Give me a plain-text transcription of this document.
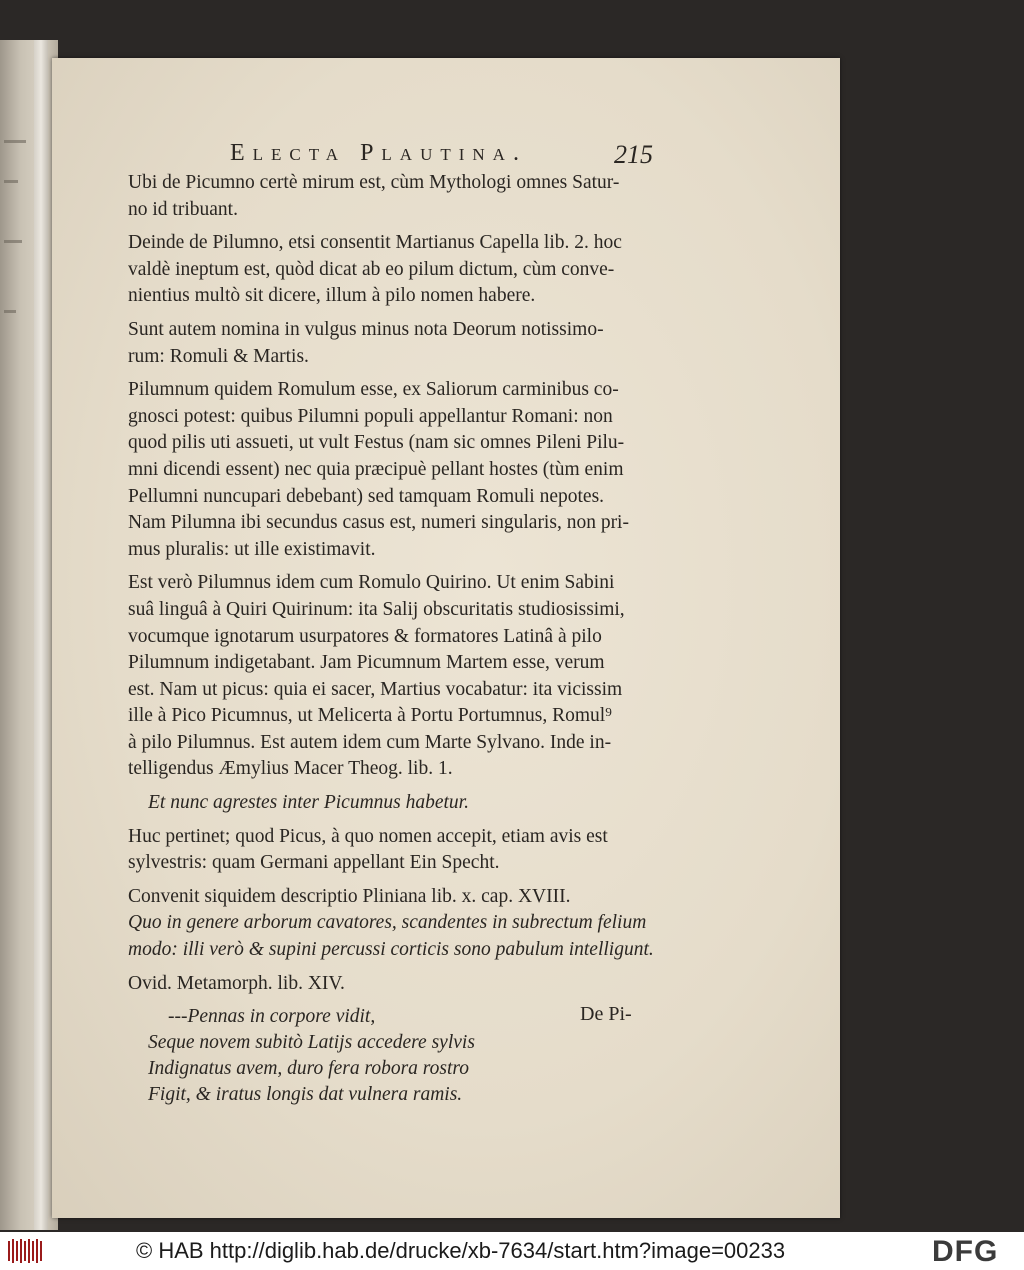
Electa Plautina.	215
Ubi de Picumno certè mirum est, cùm Mythologi omnes Satur-
no id tribuant.
Deinde de Pilumno, etsi consentit Martianus Capella lib. 2. hoc
valdè ineptum est, quòd dicat ab eo pilum dictum, cùm conve-
nientius multò sit dicere, illum à pilo nomen habere.
Sunt autem nomina in vulgus minus nota Deorum notissimo-
rum: Romuli & Martis.
Pilumnum quidem Romulum esse, ex Saliorum carminibus co-
gnosci potest: quibus Pilumni populi appellantur Romani: non
quod pilis uti assueti, ut vult Festus (nam sic omnes Pileni Pilu-
mni dicendi essent) nec quia præcipuè pellant hostes (tùm enim
Pellumni nuncupari debebant) sed tamquam Romuli nepotes.
Nam Pilumna ibi secundus casus est, numeri singularis, non pri-
mus pluralis: ut ille existimavit.
Est verò Pilumnus idem cum Romulo Quirino. Ut enim Sabini
suâ linguâ à Quiri Quirinum: ita Salij obscuritatis studiosissimi,
vocumque ignotarum usurpatores & formatores Latinâ à pilo
Pilumnum indigetabant. Jam Picumnum Martem esse, verum
est. Nam ut picus: quia ei sacer, Martius vocabatur: ita vicissim
ille à Pico Picumnus, ut Melicerta à Portu Portumnus, Romul⁹
à pilo Pilumnus. Est autem idem cum Marte Sylvano. Inde in-
telligendus Æmylius Macer Theog. lib. 1.
Et nunc agrestes inter Picumnus habetur.
Huc pertinet; quod Picus, à quo nomen accepit, etiam avis est
sylvestris: quam Germani appellant Ein Specht.
Convenit siquidem descriptio Pliniana lib. x. cap. XVIII.
Quo in genere arborum cavatores, scandentes in subrectum felium
modo: illi verò & supini percussi corticis sono pabulum intelligunt.
Ovid. Metamorph. lib. XIV.
---Pennas in corpore vidit,
Seque novem subitò Latijs accedere sylvis
Indignatus avem, duro fera robora rostro
Figit, & iratus longis dat vulnera ramis.
De Pi-
© HAB http://diglib.hab.de/drucke/xb-7634/start.htm?image=00233	DFG
